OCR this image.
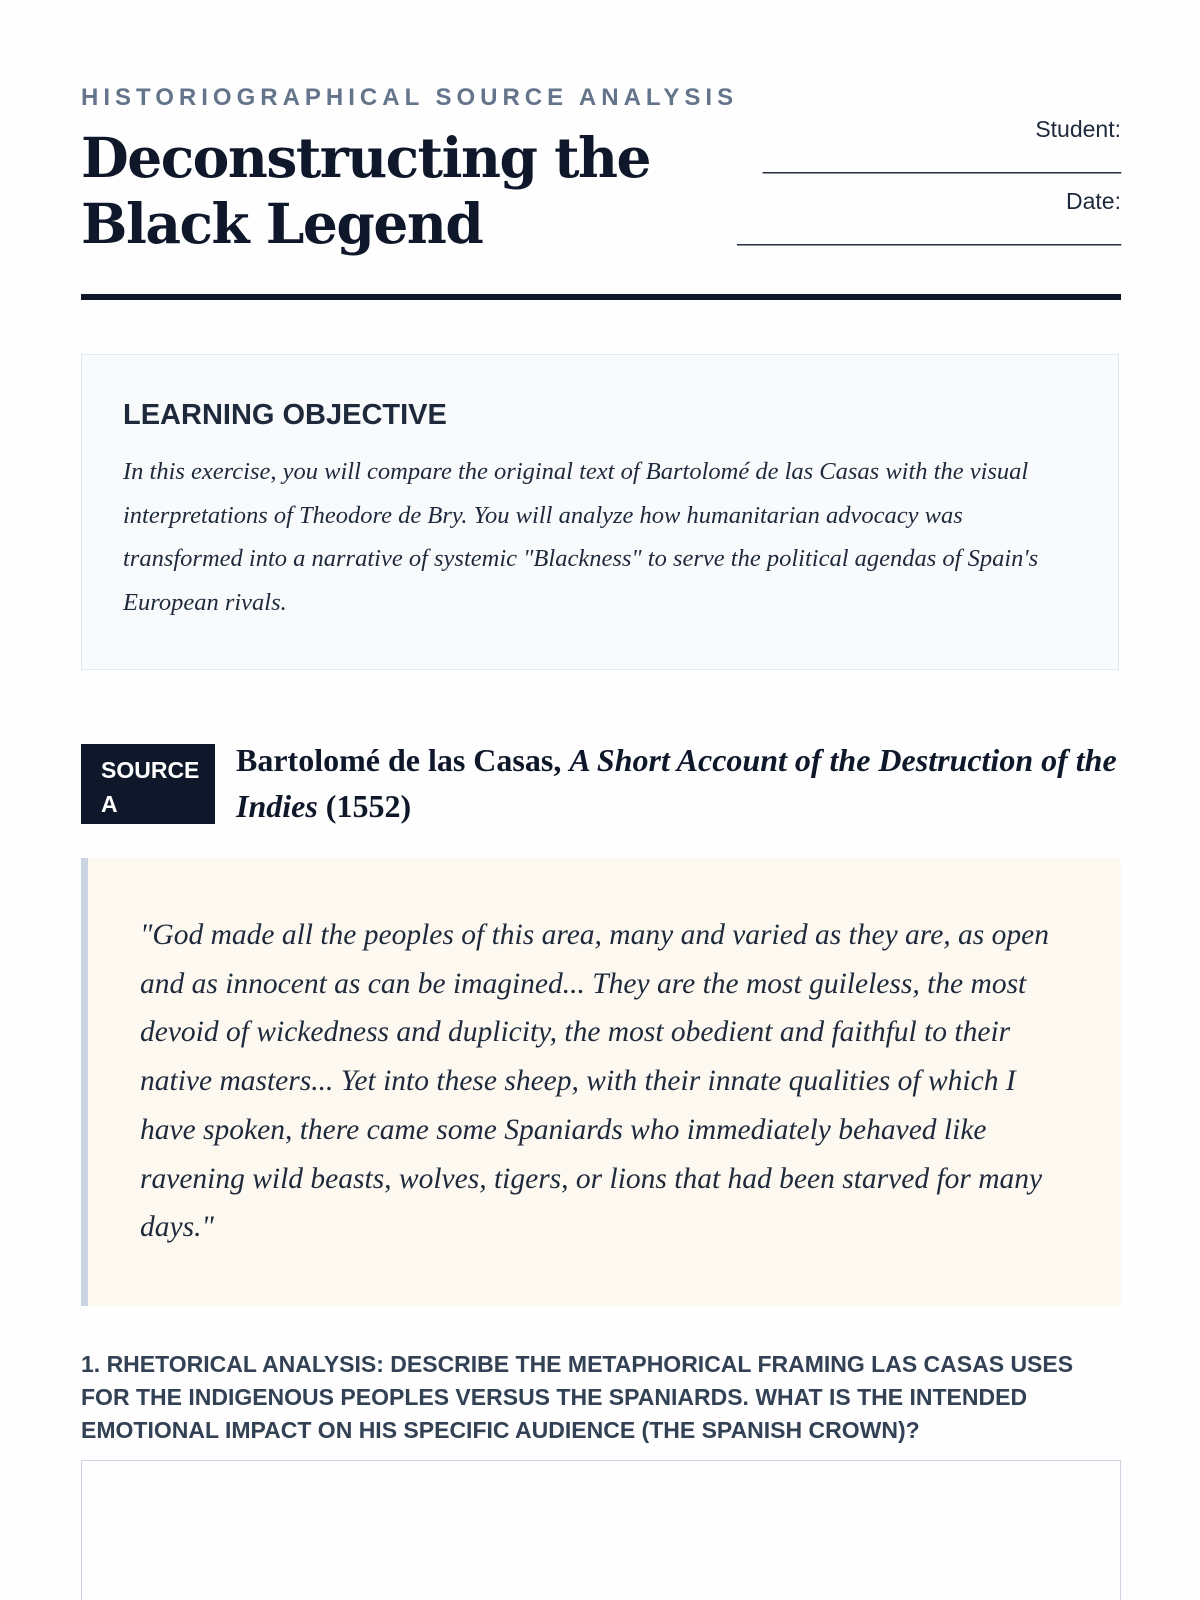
HISTORIOGRAPHICAL SOURCE ANALYSIS
Deconstructing the
Black Legend
Student:
____________________________
Date:
______________________________
LEARNING OBJECTIVE

In this exercise, you will compare the original text of Bartolomé de las Casas with the visual interpretations of Theodore de Bry. You will analyze how humanitarian advocacy was transformed into a narrative of systemic "Blackness" to serve the political agendas of Spain's European rivals.

SOURCE A
Bartolomé de las Casas, A Short Account of the Destruction of the Indies (1552)

"God made all the peoples of this area, many and varied as they are, as open and as innocent as can be imagined... They are the most guileless, the most devoid of wickedness and duplicity, the most obedient and faithful to their native masters... Yet into these sheep, with their innate qualities of which I have spoken, there came some Spaniards who immediately behaved like ravening wild beasts, wolves, tigers, or lions that had been starved for many days."

1. RHETORICAL ANALYSIS: DESCRIBE THE METAPHORICAL FRAMING LAS CASAS USES FOR THE INDIGENOUS PEOPLES VERSUS THE SPANIARDS. WHAT IS THE INTENDED EMOTIONAL IMPACT ON HIS SPECIFIC AUDIENCE (THE SPANISH CROWN)?
